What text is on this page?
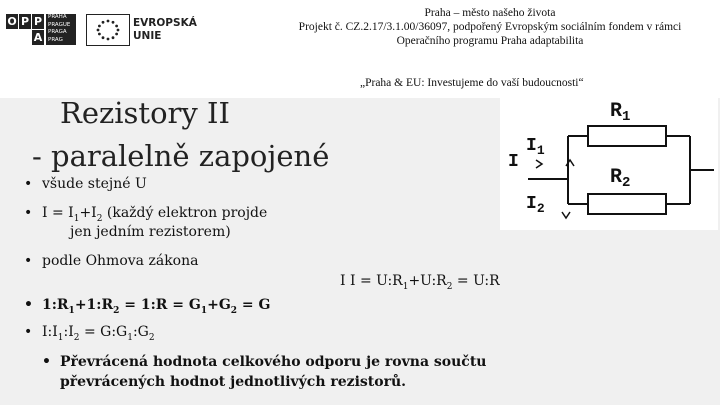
O P P
A
PRAHA
PRAGUE
PRAGA
PRAG
EVROPSKÁ
UNIE
Praha – město našeho života
Projekt č. CZ.2.17/3.1.00/36097, podpořený Evropským sociálním fondem v rámci
Operačního programu Praha adaptabilita
„Praha & EU: Investujeme do vaší budoucnosti“
Rezistory II
- paralelně zapojené
• všude stejné U
• $I = I_1+I_2$ (každý elektron projde
jen jedním rezistorem)
• podle Ohmova zákona
I $I = U:R_1+U:R_2$ = U:R
• $1:R_1+1:R_2$ = 1:R = $G_1+G_2 = G$
• $I:I_1:I_2$ = $G:G_1:G_2$
• Převrácená hodnota celkového odporu je rovna součtu
převrácených hodnot jednotlivých rezistorů.
$R_1$
$R_2$
I
$I_1$
$I_2$
